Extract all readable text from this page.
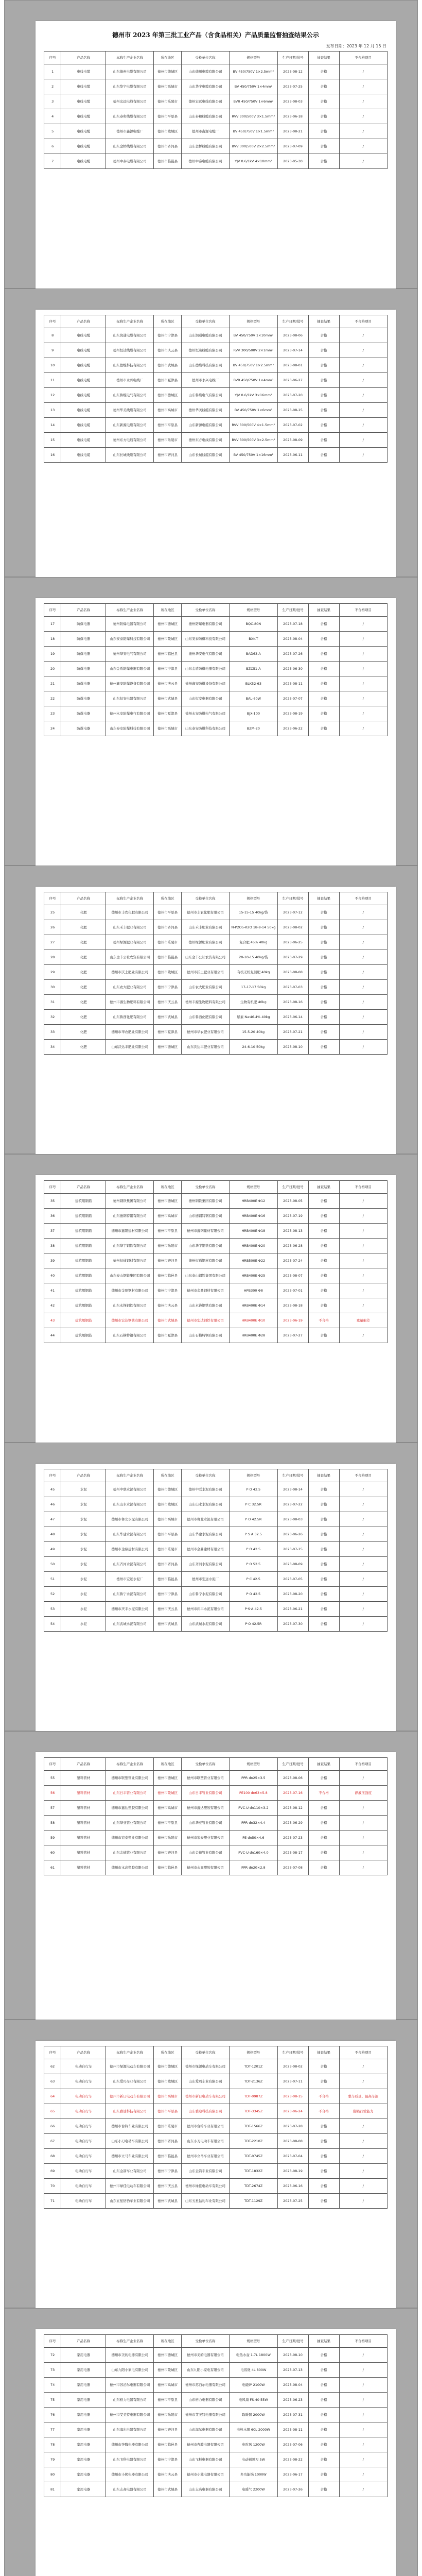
德州市 2023 年第三批工业产品（含食品相关）产品质量监督抽查结果公示
发布日期：2023 年 12 月 15 日
序号	产品名称	标称生产企业名称	所在地区	受检单位名称	规格型号	生产日期/批号	抽查结果	不合格项目
1	电线电缆	山东德州电缆有限公司	德州市德城区	山东德州电缆有限公司	BV 450/750V 1×2.5mm²	2023-08-12	合格	/
2	电线电缆	山东华宇电缆有限公司	德州市禹城市	山东华宇电缆有限公司	BV 450/750V 1×4mm²	2023-07-25	合格	/
3	电线电缆	德州宏远电线有限公司	德州市乐陵市	德州宏远电线有限公司	BVR 450/750V 1×6mm²	2023-08-03	合格	/
4	电线电缆	山东泰和线缆有限公司	德州市平原县	山东泰和线缆有限公司	RVV 300/500V 3×1.5mm²	2023-06-18	合格	/
5	电线电缆	德州市鑫源电缆厂	德州市陵城区	德州市鑫源电缆厂	BV 450/750V 1×1.5mm²	2023-08-21	合格	/
6	电线电缆	山东金桥线缆有限公司	德州市齐河县	山东金桥线缆有限公司	BVV 300/500V 2×2.5mm²	2023-07-09	合格	/
7	电线电缆	德州中泰电缆有限公司	德州市临邑县	德州中泰电缆有限公司	YJV 0.6/1kV 4×10mm²	2023-05-30	合格	/
序号	产品名称	标称生产企业名称	所在地区	受检单位名称	规格型号	生产日期/批号	抽查结果	不合格项目
8	电线电缆	山东润通电缆有限公司	德州市宁津县	山东润通电缆有限公司	BV 450/750V 1×10mm²	2023-08-06	合格	/
9	电线电缆	德州恒达线缆有限公司	德州市庆云县	德州恒达线缆有限公司	RVV 300/500V 2×1mm²	2023-07-14	合格	/
10	电线电缆	山东德缆科技有限公司	德州市武城县	山东德缆科技有限公司	BV 450/750V 1×2.5mm²	2023-08-01	合格	/
11	电线电缆	德州市永兴电线厂	德州市夏津县	德州市永兴电线厂	BVR 450/750V 1×4mm²	2023-06-27	合格	/
12	电线电缆	山东鲁缆电气有限公司	德州市德城区	山东鲁缆电气有限公司	YJV 0.6/1kV 3×16mm²	2023-07-20	合格	/
13	电线电缆	德州华美线缆有限公司	德州市禹城市	德州华美线缆有限公司	BV 450/750V 1×6mm²	2023-08-15	合格	/
14	电线电缆	山东新源电缆有限公司	德州市平原县	山东新源电缆有限公司	RVV 300/500V 4×1.5mm²	2023-07-02	合格	/
15	电线电缆	德州东方电线有限公司	德州市乐陵市	德州东方电线有限公司	BVV 300/500V 3×2.5mm²	2023-08-09	合格	/
16	电线电缆	山东长城线缆有限公司	德州市齐河县	山东长城线缆有限公司	BV 450/750V 1×16mm²	2023-06-11	合格	/
序号	产品名称	标称生产企业名称	所在地区	受检单位名称	规格型号	生产日期/批号	抽查结果	不合格项目
17	防爆电器	德州防爆电器有限公司	德州市德城区	德州防爆电器有限公司	BQC-80N	2023-07-18	合格	/
18	防爆电器	山东安泰防爆科技有限公司	德州市陵城区	山东安泰防爆科技有限公司	BXK-T	2023-08-04	合格	/
19	防爆电器	德州华安电气有限公司	德州市临邑县	德州华安电气有限公司	BAD63-A	2023-07-26	合格	/
20	防爆电器	山东金盾防爆电器有限公司	德州市宁津县	山东金盾防爆电器有限公司	BZC51-A	2023-06-30	合格	/
21	防爆电器	德州鑫安防爆设备有限公司	德州市庆云县	德州鑫安防爆设备有限公司	BLK52-63	2023-08-11	合格	/
22	防爆电器	山东恒安电器有限公司	德州市武城县	山东恒安电器有限公司	BAL-60W	2023-07-07	合格	/
23	防爆电器	德州永安防爆电气有限公司	德州市夏津县	德州永安防爆电气有限公司	BJX-100	2023-08-19	合格	/
24	防爆电器	山东泰安防爆科技有限公司	德州市禹城市	山东泰安防爆科技有限公司	BZM-20	2023-06-22	合格	/
序号	产品名称	标称生产企业名称	所在地区	受检单位名称	规格型号	生产日期/批号	抽查结果	不合格项目
25	化肥	德州市丰农化肥有限公司	德州市平原县	德州市丰农化肥有限公司	15-15-15 40kg/袋	2023-07-12	合格	/
26	化肥	山东禾丰肥业有限公司	德州市齐河县	山东禾丰肥业有限公司	N-P2O5-K2O 18-8-14 50kg	2023-08-02	合格	/
27	化肥	德州绿源肥业有限公司	德州市乐陵市	德州绿源肥业有限公司	复合肥 45% 40kg	2023-06-25	合格	/
28	化肥	山东金丰公社农资有限公司	德州市临邑县	山东金丰公社农资有限公司	20-10-15 40kg/袋	2023-07-29	合格	/
29	化肥	德州市沃土肥业有限公司	德州市陵城区	德州市沃土肥业有限公司	有机无机复混肥 40kg	2023-08-08	合格	/
30	化肥	山东农大肥业有限公司	德州市宁津县	山东农大肥业有限公司	17-17-17 50kg	2023-07-03	合格	/
31	化肥	德州丰源生物肥料有限公司	德州市庆云县	德州丰源生物肥料有限公司	生物有机肥 40kg	2023-08-16	合格	/
32	化肥	山东鲁西化肥有限公司	德州市武城县	山东鲁西化肥有限公司	尿素 N≥46.4% 40kg	2023-06-14	合格	/
33	化肥	德州市华农肥业有限公司	德州市夏津县	德州市华农肥业有限公司	15-5-20 40kg	2023-07-21	合格	/
34	化肥	山东沃达丰肥业有限公司	德州市德城区	山东沃达丰肥业有限公司	24-6-10 50kg	2023-08-10	合格	/
序号	产品名称	标称生产企业名称	所在地区	受检单位名称	规格型号	生产日期/批号	抽查结果	不合格项目
35	建筑用钢筋	德州钢铁集团有限公司	德州市德城区	德州钢铁集团有限公司	HRB400E Φ12	2023-08-05	合格	/
36	建筑用钢筋	山东德钢特钢有限公司	德州市禹城市	山东德钢特钢有限公司	HRB400E Φ16	2023-07-19	合格	/
37	建筑用钢筋	德州市鑫钢建材有限公司	德州市平原县	德州市鑫钢建材有限公司	HRB400E Φ18	2023-08-13	合格	/
38	建筑用钢筋	山东华宇钢铁有限公司	德州市乐陵市	山东华宇钢铁有限公司	HRB400E Φ20	2023-06-28	合格	/
39	建筑用钢筋	德州恒通钢材有限公司	德州市齐河县	德州恒通钢材有限公司	HRB500E Φ22	2023-07-24	合格	/
40	建筑用钢筋	山东泰山钢铁集团有限公司	德州市临邑县	山东泰山钢铁集团有限公司	HRB400E Φ25	2023-08-07	合格	/
41	建筑用钢筋	德州市金鼎钢材有限公司	德州市宁津县	德州市金鼎钢材有限公司	HPB300 Φ8	2023-07-01	合格	/
42	建筑用钢筋	山东永锋钢铁有限公司	德州市庆云县	山东永锋钢铁有限公司	HRB400E Φ14	2023-08-18	合格	/
43	建筑用钢筋	德州市宏达钢铁有限公司	德州市武城县	德州市宏达钢铁有限公司	HRB400E Φ10	2023-06-19	不合格	重量偏差
44	建筑用钢筋	山东石横特钢有限公司	德州市夏津县	山东石横特钢有限公司	HRB400E Φ28	2023-07-27	合格	/
序号	产品名称	标称生产企业名称	所在地区	受检单位名称	规格型号	生产日期/批号	抽查结果	不合格项目
45	水泥	德州中联水泥有限公司	德州市德城区	德州中联水泥有限公司	P·O 42.5	2023-08-14	合格	/
46	水泥	山东山水水泥有限公司	德州市陵城区	山东山水水泥有限公司	P·C 32.5R	2023-07-22	合格	/
47	水泥	德州市鲁北水泥有限公司	德州市禹城市	德州市鲁北水泥有限公司	P·O 42.5R	2023-08-03	合格	/
48	水泥	山东华建水泥有限公司	德州市平原县	山东华建水泥有限公司	P·S·A 32.5	2023-06-26	合格	/
49	水泥	德州市金鼎建材有限公司	德州市乐陵市	德州市金鼎建材有限公司	P·O 42.5	2023-07-15	合格	/
50	水泥	山东齐河水泥有限公司	德州市齐河县	山东齐河水泥有限公司	P·O 52.5	2023-08-09	合格	/
51	水泥	德州市宏远水泥厂	德州市临邑县	德州市宏远水泥厂	P·C 42.5	2023-07-05	合格	/
52	水泥	山东鲁宁水泥有限公司	德州市宁津县	山东鲁宁水泥有限公司	P·O 42.5	2023-08-20	合格	/
53	水泥	德州市庆丰水泥有限公司	德州市庆云县	德州市庆丰水泥有限公司	P·S·A 42.5	2023-06-21	合格	/
54	水泥	山东武城水泥有限公司	德州市武城县	山东武城水泥有限公司	P·O 42.5R	2023-07-30	合格	/
序号	产品名称	标称生产企业名称	所在地区	受检单位名称	规格型号	生产日期/批号	抽查结果	不合格项目
55	塑料管材	德州市联塑管业有限公司	德州市德城区	德州市联塑管业有限公司	PPR dn25×3.5	2023-08-06	合格	/
56	塑料管材	山东日丰管业有限公司	德州市陵城区	山东日丰管业有限公司	PE100 dn63×5.8	2023-07-16	不合格	静液压强度
57	塑料管材	德州市鑫达塑胶有限公司	德州市禹城市	德州市鑫达塑胶有限公司	PVC-U dn110×3.2	2023-08-12	合格	/
58	塑料管材	山东华亚管业有限公司	德州市平原县	山东华亚管业有限公司	PPR dn32×4.4	2023-06-29	合格	/
59	塑料管材	德州市宏泰塑业有限公司	德州市乐陵市	德州市宏泰塑业有限公司	PE dn50×4.6	2023-07-23	合格	/
60	塑料管材	山东金德管业有限公司	德州市齐河县	山东金德管业有限公司	PVC-U dn160×4.0	2023-08-17	合格	/
61	塑料管材	德州市永高塑胶有限公司	德州市临邑县	德州市永高塑胶有限公司	PPR dn20×2.8	2023-07-08	合格	/
序号	产品名称	标称生产企业名称	所在地区	受检单位名称	规格型号	生产日期/批号	抽查结果	不合格项目
62	电动自行车	德州市绿源电动车有限公司	德州市德城区	德州市绿源电动车有限公司	TDT-1201Z	2023-08-02	合格	/
63	电动自行车	山东爱玛车业有限公司	德州市陵城区	山东爱玛车业有限公司	TDT-2136Z	2023-07-11	合格	/
64	电动自行车	德州市新日电动车有限公司	德州市禹城市	德州市新日电动车有限公司	TDT-0987Z	2023-08-15	不合格	整车质量、最高车速
65	电动自行车	山东雅迪科技有限公司	德州市平原县	山东雅迪科技有限公司	TDT-3345Z	2023-06-24	不合格	脚踏行驶能力
66	电动自行车	德州市台铃车业有限公司	德州市乐陵市	德州市台铃车业有限公司	TDT-1566Z	2023-07-28	合格	/
67	电动自行车	山东小刀电动车有限公司	德州市齐河县	山东小刀电动车有限公司	TDT-2210Z	2023-08-08	合格	/
68	电动自行车	德州市立马车业有限公司	德州市临邑县	德州市立马车业有限公司	TDT-0745Z	2023-07-04	合格	/
69	电动自行车	山东金箭车业有限公司	德州市宁津县	山东金箭车业有限公司	TDT-1832Z	2023-08-19	合格	/
70	电动自行车	德州市绿佳电动车有限公司	德州市庆云县	德州市绿佳电动车有限公司	TDT-2674Z	2023-06-16	合格	/
71	电动自行车	山东五星钻豹车业有限公司	德州市武城县	山东五星钻豹车业有限公司	TDT-1129Z	2023-07-25	合格	/
序号	产品名称	标称生产企业名称	所在地区	受检单位名称	规格型号	生产日期/批号	抽查结果	不合格项目
72	家用电器	德州市美的电器有限公司	德州市德城区	德州市美的电器有限公司	电热水壶 1.7L 1800W	2023-08-10	合格	/
73	家用电器	山东九阳小家电有限公司	德州市陵城区	山东九阳小家电有限公司	电饭煲 4L 800W	2023-07-13	合格	/
74	家用电器	德州市苏泊尔电器有限公司	德州市禹城市	德州市苏泊尔电器有限公司	电磁炉 2100W	2023-08-04	合格	/
75	家用电器	山东格力电器有限公司	德州市平原县	山东格力电器有限公司	电风扇 FS-40 55W	2023-06-23	合格	/
76	家用电器	德州市艾美特电器有限公司	德州市乐陵市	德州市艾美特电器有限公司	取暖器 2000W	2023-07-31	合格	/
77	家用电器	山东海尔电器有限公司	德州市齐河县	山东海尔电器有限公司	电热水器 60L 2000W	2023-08-11	合格	/
78	家用电器	德州市奔腾电器有限公司	德州市临邑县	德州市奔腾电器有限公司	电吹风 1200W	2023-07-06	合格	/
79	家用电器	山东飞科电器有限公司	德州市宁津县	山东飞科电器有限公司	电动剃须刀 5W	2023-08-22	合格	/
80	家用电器	德州市小熊电器有限公司	德州市庆云县	德州市小熊电器有限公司	多功能锅 1000W	2023-06-17	合格	/
81	家用电器	山东志高电器有限公司	德州市武城县	山东志高电器有限公司	电暖气 2200W	2023-07-26	合格	/
